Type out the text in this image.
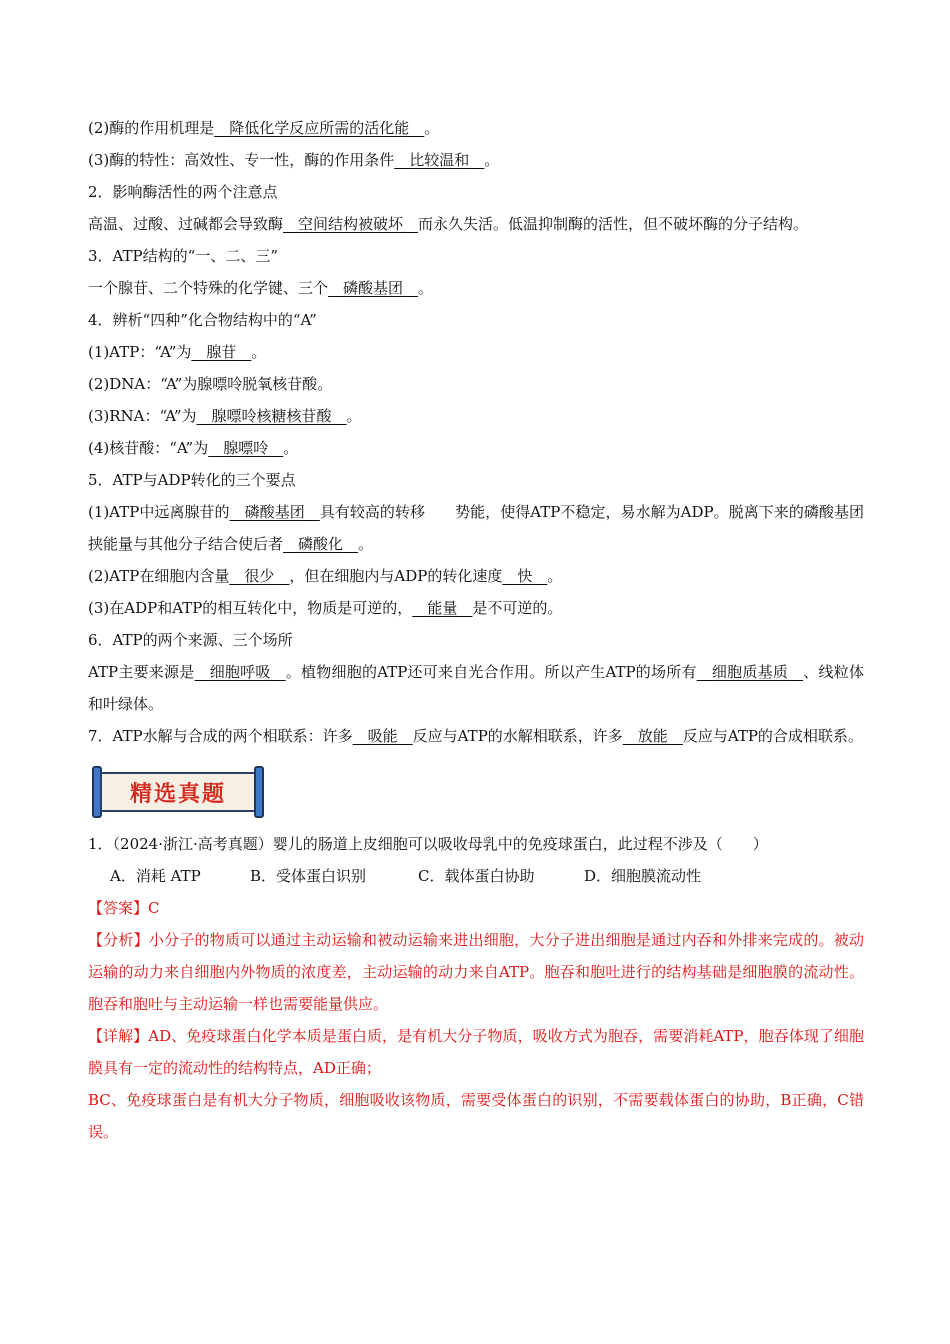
(2)酶的作用机理是__降低化学反应所需的活化能__。
(3)酶的特性：高效性、专一性，酶的作用条件__比较温和__。
2．影响酶活性的两个注意点
高温、过酸、过碱都会导致酶__空间结构被破坏__而永久失活。低温抑制酶的活性，但不破坏酶的分子结构。
3．ATP结构的“一、二、三”
一个腺苷、二个特殊的化学键、三个__磷酸基团__。
4．辨析“四种”化合物结构中的“A”
(1)ATP：“A”为__腺苷__。
(2)DNA：“A”为腺嘌呤脱氧核苷酸。
(3)RNA：“A”为__腺嘌呤核糖核苷酸__。
(4)核苷酸：“A”为__腺嘌呤__。
5．ATP与ADP转化的三个要点
(1)ATP中远离腺苷的__磷酸基团__具有较高的转移　　势能，使得ATP不稳定，易水解为ADP。脱离下来的磷酸基团挟能量与其他分子结合使后者__磷酸化__。
(2)ATP在细胞内含量__很少__，但在细胞内与ADP的转化速度__快__。
(3)在ADP和ATP的相互转化中，物质是可逆的，__能量__是不可逆的。
6．ATP的两个来源、三个场所
ATP主要来源是__细胞呼吸__。植物细胞的ATP还可来自光合作用。所以产生ATP的场所有__细胞质基质__、线粒体和叶绿体。
7．ATP水解与合成的两个相联系：许多__吸能__反应与ATP的水解相联系，许多__放能__反应与ATP的合成相联系。
精选真题
1．（2024·浙江·高考真题）婴儿的肠道上皮细胞可以吸收母乳中的免疫球蛋白，此过程不涉及（　　）
A．消耗 ATP	B．受体蛋白识别	C．载体蛋白协助	D．细胞膜流动性
【答案】C
【分析】小分子的物质可以通过主动运输和被动运输来进出细胞，大分子进出细胞是通过内吞和外排来完成的。被动运输的动力来自细胞内外物质的浓度差，主动运输的动力来自ATP。胞吞和胞吐进行的结构基础是细胞膜的流动性。胞吞和胞吐与主动运输一样也需要能量供应。
【详解】AD、免疫球蛋白化学本质是蛋白质，是有机大分子物质，吸收方式为胞吞，需要消耗ATP，胞吞体现了细胞膜具有一定的流动性的结构特点，AD正确；
BC、免疫球蛋白是有机大分子物质，细胞吸收该物质，需要受体蛋白的识别，不需要载体蛋白的协助，B正确，C错误。
